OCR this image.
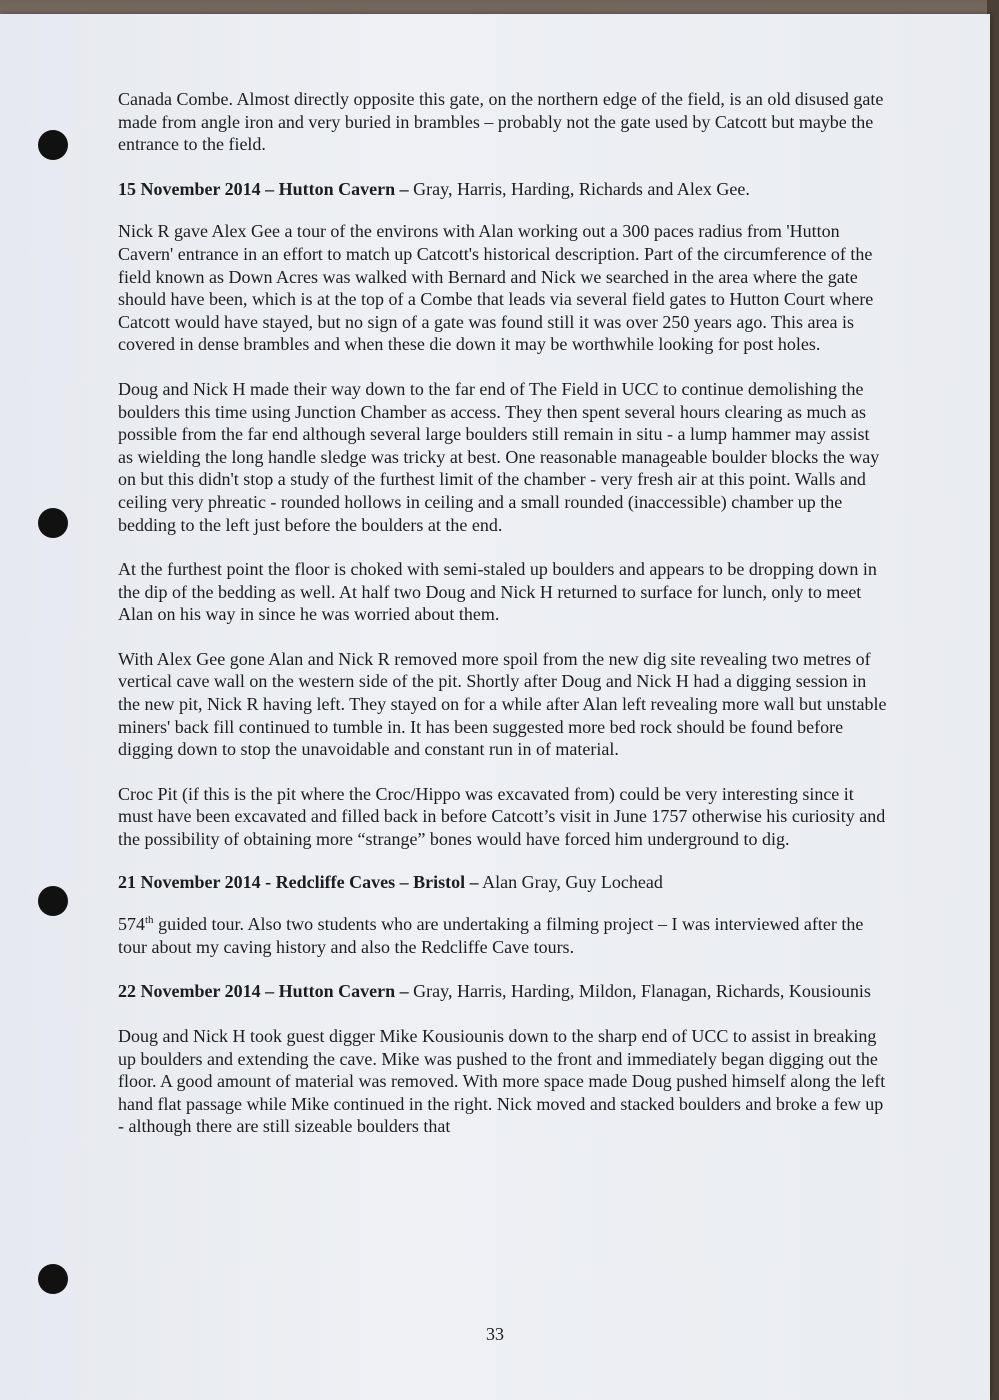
Canada Combe. Almost directly opposite this gate, on the northern edge of the field, is an old disused gate made from angle iron and very buried in brambles – probably not the gate used by Catcott but maybe the entrance to the field.

15 November 2014 – Hutton Cavern – Gray, Harris, Harding, Richards and Alex Gee.

Nick R gave Alex Gee a tour of the environs with Alan working out a 300 paces radius from 'Hutton Cavern' entrance in an effort to match up Catcott's historical description. Part of the circumference of the field known as Down Acres was walked with Bernard and Nick we searched in the area where the gate should have been, which is at the top of a Combe that leads via several field gates to Hutton Court where Catcott would have stayed, but no sign of a gate was found still it was over 250 years ago. This area is covered in dense brambles and when these die down it may be worthwhile looking for post holes.

Doug and Nick H made their way down to the far end of The Field in UCC to continue demolishing the boulders this time using Junction Chamber as access. They then spent several hours clearing as much as possible from the far end although several large boulders still remain in situ - a lump hammer may assist as wielding the long handle sledge was tricky at best. One reasonable manageable boulder blocks the way on but this didn't stop a study of the furthest limit of the chamber - very fresh air at this point. Walls and ceiling very phreatic - rounded hollows in ceiling and a small rounded (inaccessible) chamber up the bedding to the left just before the boulders at the end.

At the furthest point the floor is choked with semi-staled up boulders and appears to be dropping down in the dip of the bedding as well. At half two Doug and Nick H returned to surface for lunch, only to meet Alan on his way in since he was worried about them.

With Alex Gee gone Alan and Nick R removed more spoil from the new dig site revealing two metres of vertical cave wall on the western side of the pit. Shortly after Doug and Nick H had a digging session in the new pit, Nick R having left. They stayed on for a while after Alan left revealing more wall but unstable miners' back fill continued to tumble in. It has been suggested more bed rock should be found before digging down to stop the unavoidable and constant run in of material.

Croc Pit (if this is the pit where the Croc/Hippo was excavated from) could be very interesting since it must have been excavated and filled back in before Catcott’s visit in June 1757 otherwise his curiosity and the possibility of obtaining more “strange” bones would have forced him underground to dig.

21 November 2014 - Redcliffe Caves – Bristol – Alan Gray, Guy Lochead

574th guided tour. Also two students who are undertaking a filming project – I was interviewed after the tour about my caving history and also the Redcliffe Cave tours.

22 November 2014 – Hutton Cavern – Gray, Harris, Harding, Mildon, Flanagan, Richards, Kousiounis

Doug and Nick H took guest digger Mike Kousiounis down to the sharp end of UCC to assist in breaking up boulders and extending the cave. Mike was pushed to the front and immediately began digging out the floor. A good amount of material was removed. With more space made Doug pushed himself along the left hand flat passage while Mike continued in the right. Nick moved and stacked boulders and broke a few up - although there are still sizeable boulders that

33
